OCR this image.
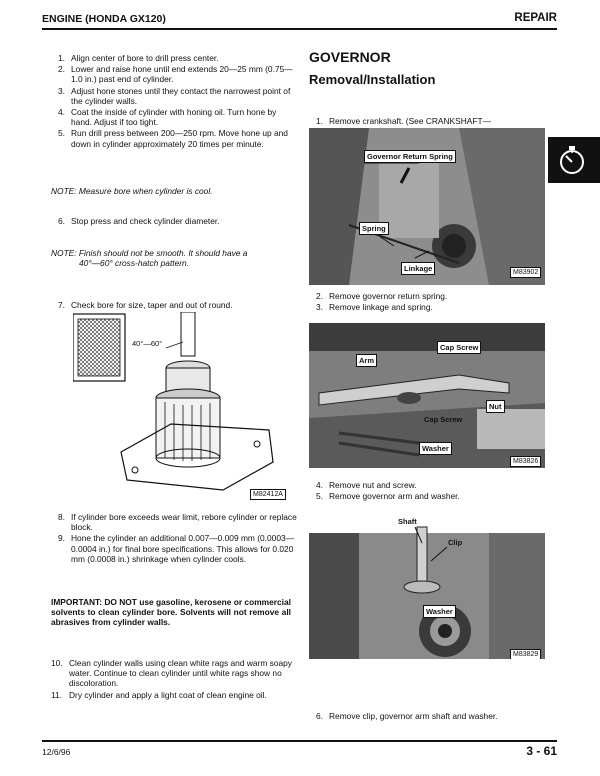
ENGINE (HONDA GX120)	REPAIR
1. Align center of bore to drill press center.
2. Lower and raise hone until end extends 20—25 mm (0.75—1.0 in.) past end of cylinder.
3. Adjust hone stones until they contact the narrowest point of the cylinder walls.
4. Coat the inside of cylinder with honing oil. Turn hone by hand. Adjust if too tight.
5. Run drill press between 200—250 rpm. Move hone up and down in cylinder approximately 20 times per minute.
NOTE: Measure bore when cylinder is cool.
6. Stop press and check cylinder diameter.
NOTE: Finish should not be smooth. It should have a
40°—60° cross-hatch pattern.
7. Check bore for size, taper and out of round.
40°—60°
M82412A
8. If cylinder bore exceeds wear limit, rebore cylinder or replace block.
9. Hone the cylinder an additional 0.007—0.009 mm (0.0003—0.0004 in.) for final bore specifications. This allows for 0.020 mm (0.0008 in.) shrinkage when cylinder cools.
IMPORTANT: DO NOT use gasoline, kerosene or commercial solvents to clean cylinder bore. Solvents will not remove all abrasives from cylinder walls.
10. Clean cylinder walls using clean white rags and warm soapy water. Continue to clean cylinder until white rags show no discoloration.
11. Dry cylinder and apply a light coat of clean engine oil.
GOVERNOR
Removal/Installation
1. Remove crankshaft. (See CRANKSHAFT—
Governor Return Spring
Spring
Linkage	M83902
2. Remove governor return spring.
3. Remove linkage and spring.
Cap Screw
Arm
Nut
Cap Screw
Washer
M83826
4. Remove nut and screw.
5. Remove governor arm and washer.
Shaft
Clip
Washer
M83829
6. Remove clip, governor arm shaft and washer.
12/6/96	3 - 61
